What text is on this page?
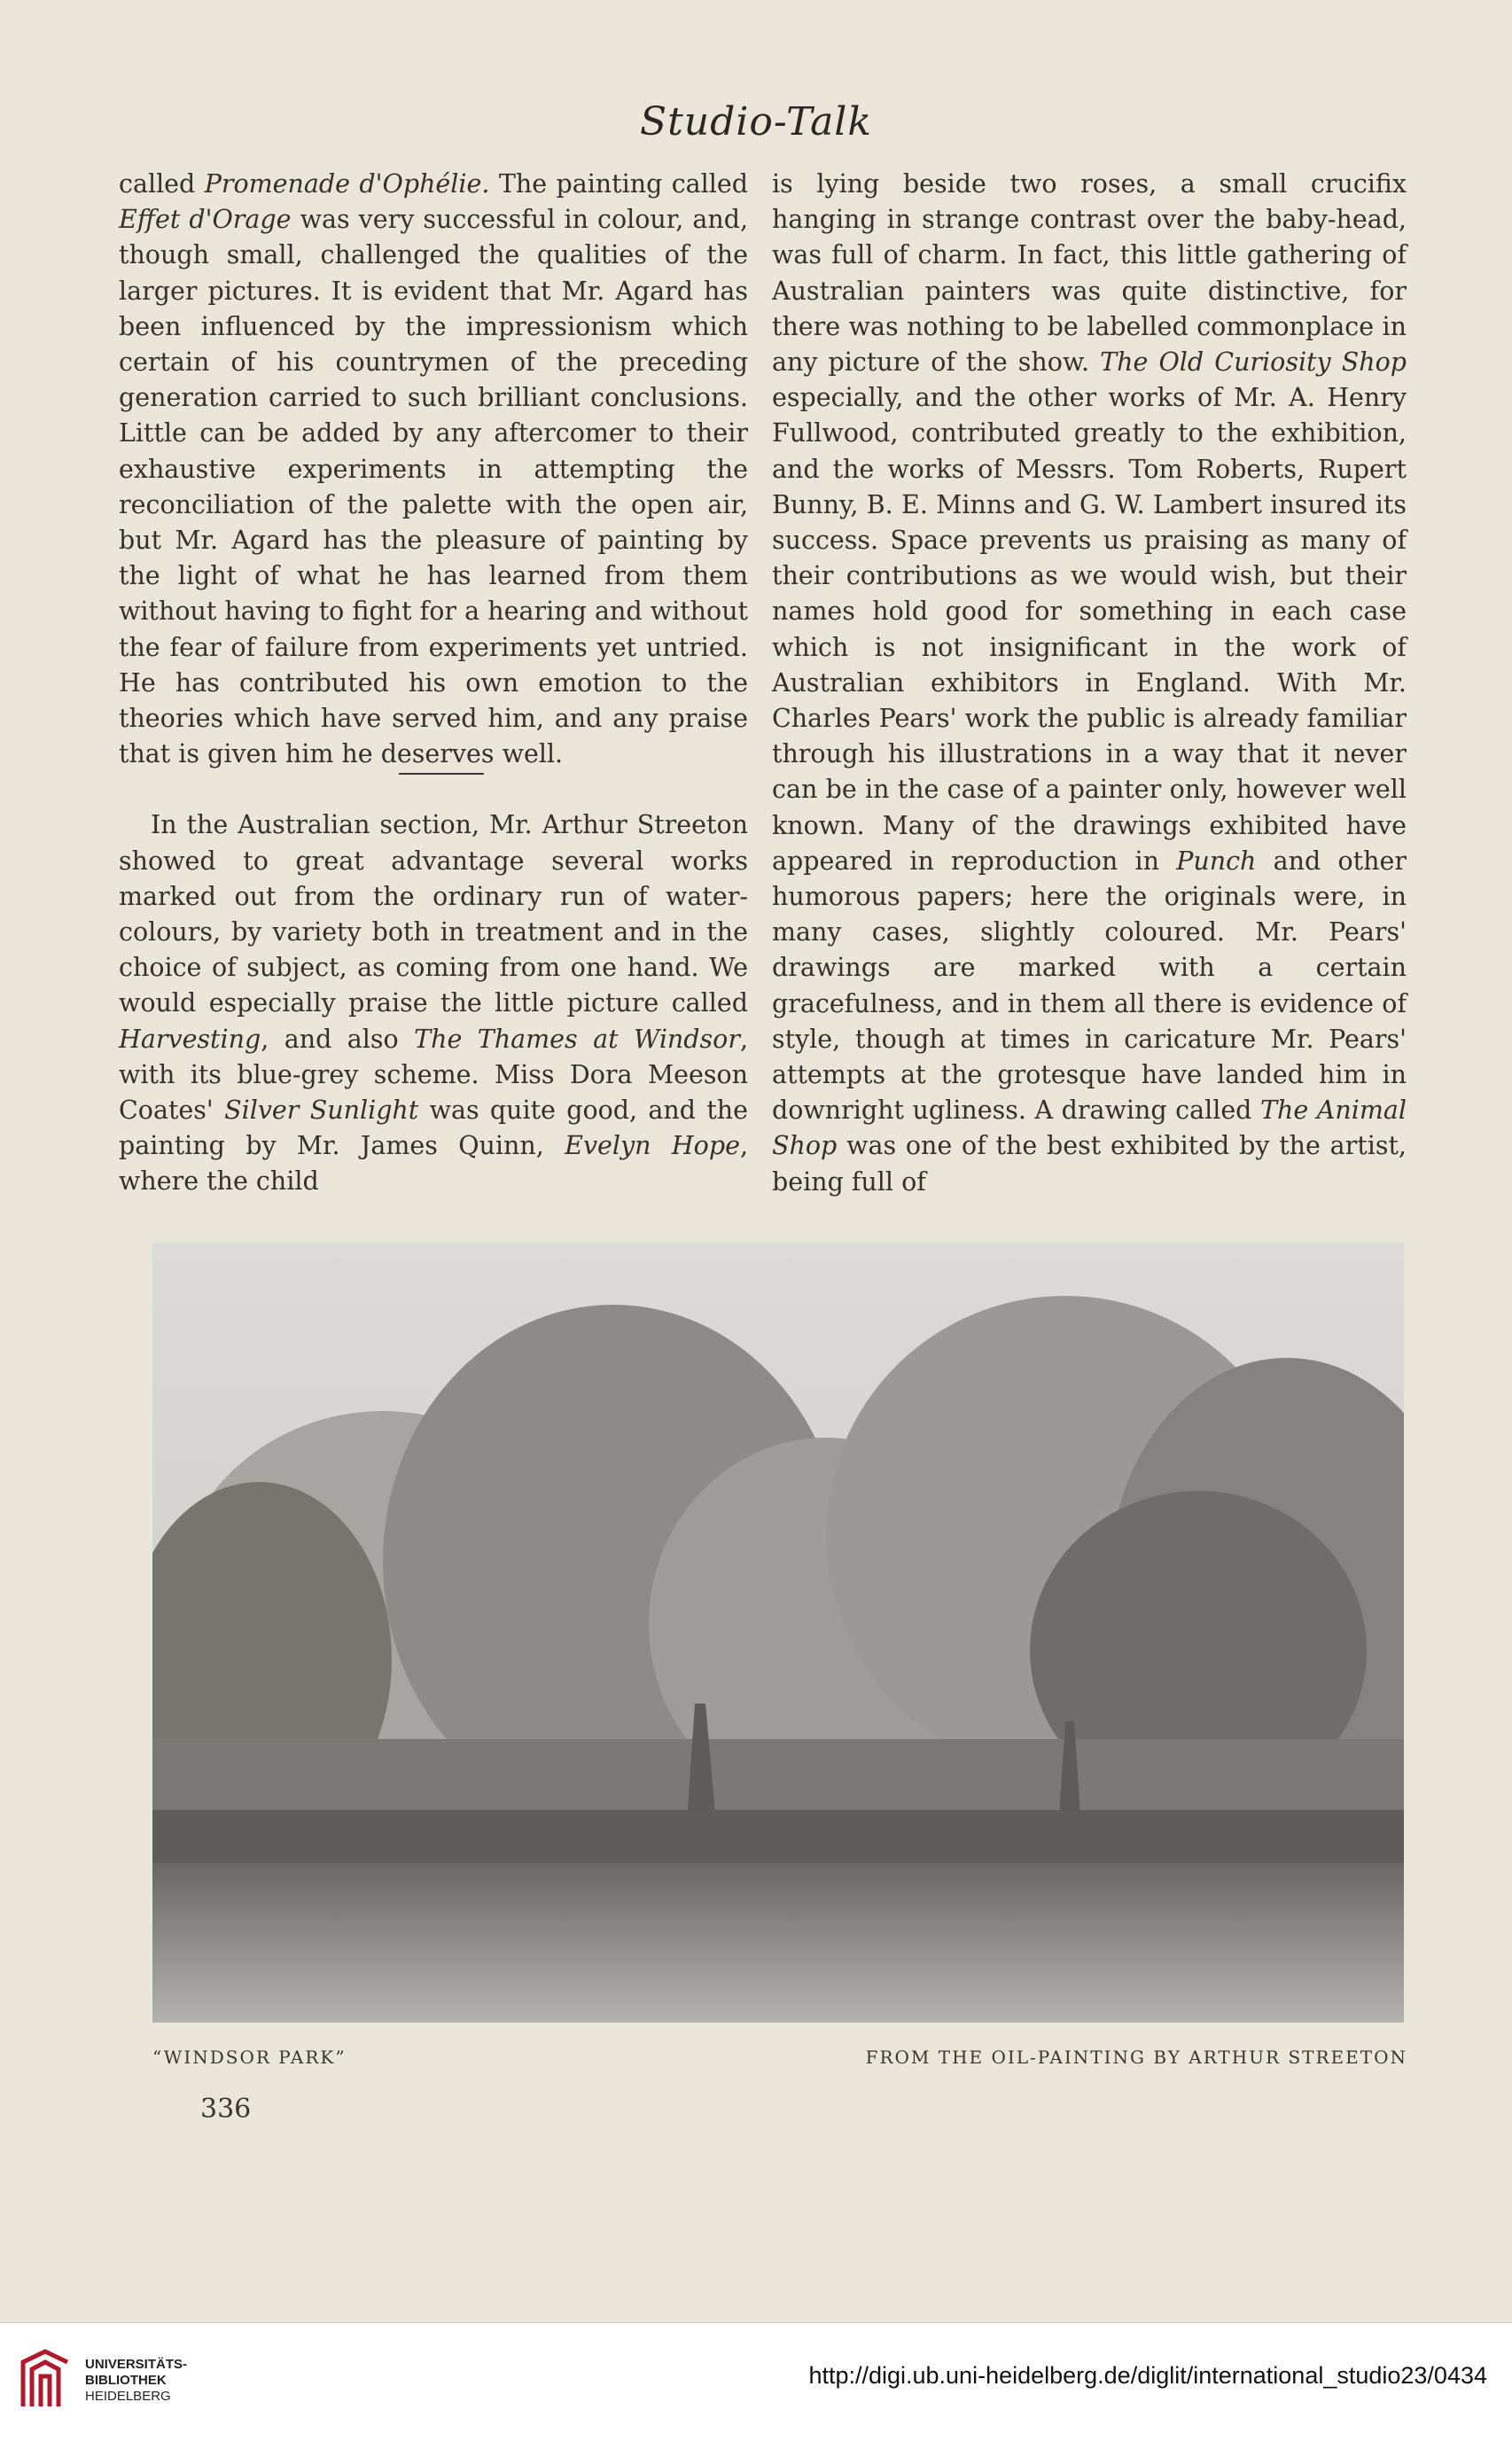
Studio-Talk

called Promenade d'Ophélie. The painting called Effet d'Orage was very successful in colour, and, though small, challenged the qualities of the larger pictures. It is evident that Mr. Agard has been influenced by the impressionism which certain of his countrymen of the preceding generation carried to such brilliant conclusions. Little can be added by any aftercomer to their exhaustive experiments in attempting the reconciliation of the palette with the open air, but Mr. Agard has the pleasure of painting by the light of what he has learned from them without having to fight for a hearing and without the fear of failure from experiments yet untried. He has contributed his own emotion to the theories which have served him, and any praise that is given him he deserves well.

In the Australian section, Mr. Arthur Streeton showed to great advantage several works marked out from the ordinary run of water-colours, by variety both in treatment and in the choice of subject, as coming from one hand. We would especially praise the little picture called Harvesting, and also The Thames at Windsor, with its blue-grey scheme. Miss Dora Meeson Coates' Silver Sunlight was quite good, and the painting by Mr. James Quinn, Evelyn Hope, where the child

is lying beside two roses, a small crucifix hanging in strange contrast over the baby-head, was full of charm. In fact, this little gathering of Australian painters was quite distinctive, for there was nothing to be labelled commonplace in any picture of the show. The Old Curiosity Shop especially, and the other works of Mr. A. Henry Fullwood, contributed greatly to the exhibition, and the works of Messrs. Tom Roberts, Rupert Bunny, B. E. Minns and G. W. Lambert insured its success. Space prevents us praising as many of their contributions as we would wish, but their names hold good for something in each case which is not insignificant in the work of Australian exhibitors in England. With Mr. Charles Pears' work the public is already familiar through his illustrations in a way that it never can be in the case of a painter only, however well known. Many of the drawings exhibited have appeared in reproduction in Punch and other humorous papers; here the originals were, in many cases, slightly coloured. Mr. Pears' drawings are marked with a certain gracefulness, and in them all there is evidence of style, though at times in caricature Mr. Pears' attempts at the grotesque have landed him in downright ugliness. A drawing called The Animal Shop was one of the best exhibited by the artist, being full of

“WINDSOR PARK”	FROM THE OIL-PAINTING BY ARTHUR STREETON
336
UNIVERSITÄTS-
BIBLIOTHEK
HEIDELBERG
http://digi.ub.uni-heidelberg.de/diglit/international_studio23/0434
